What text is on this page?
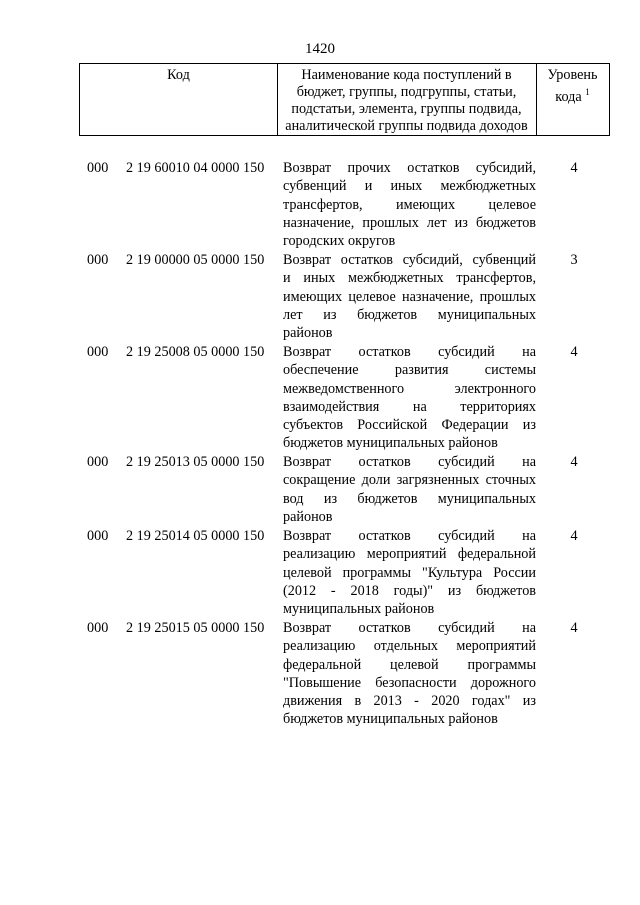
1420
Код	Наименование кода поступлений в
бюджет, группы, подгруппы, статьи,
подстатьи, элемента, группы подвида,
аналитической группы подвида доходов
Уровень
кода $^1$
000 2 19 60010 04 0000 150 Возврат прочих остатков субсидий,
субвенций и иных межбюджетных
трансфертов, имеющих целевое
назначение, прошлых лет из бюджетов
городских округов
4
000 2 19 00000 05 0000 150 Возврат остатков субсидий, субвенций
и иных межбюджетных трансфертов,
имеющих целевое назначение, прошлых
лет из бюджетов муниципальных
районов
3
000 2 19 25008 05 0000 150 Возврат остатков субсидий на
обеспечение развития системы
межведомственного электронного
взаимодействия на территориях
субъектов Российской Федерации из
бюджетов муниципальных районов
4
000 2 19 25013 05 0000 150 Возврат остатков субсидий на
сокращение доли загрязненных сточных
вод из бюджетов муниципальных
районов
4
000 2 19 25014 05 0000 150 Возврат остатков субсидий на
реализацию мероприятий федеральной
целевой программы "Культура России
(2012 - 2018 годы)" из бюджетов
муниципальных районов
4
000 2 19 25015 05 0000 150 Возврат остатков субсидий на
реализацию отдельных мероприятий
федеральной целевой программы
"Повышение безопасности дорожного
движения в 2013 - 2020 годах" из
бюджетов муниципальных районов
4
